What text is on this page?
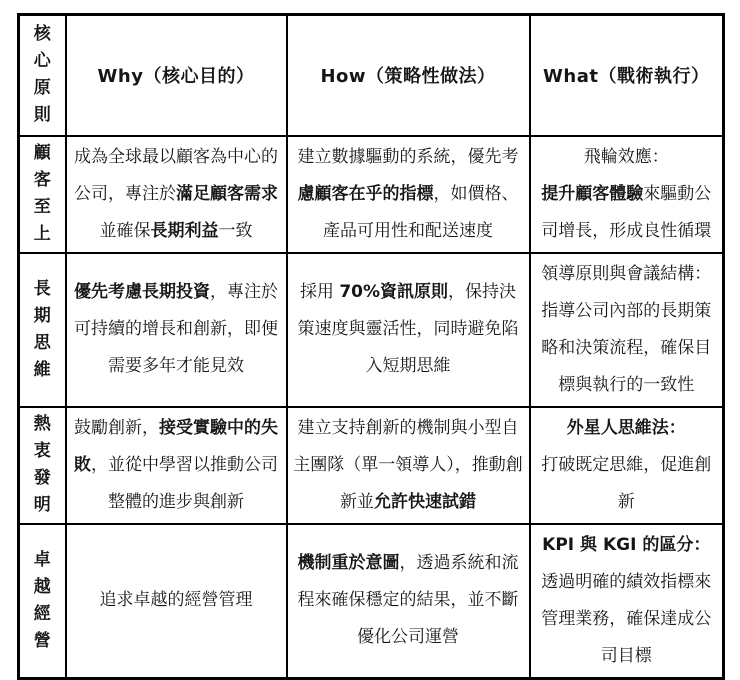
核心原則	Why（核心目的）	How（策略性做法）	What（戰術執行）

顧客至上	成為全球最以顧客為中心的公司，專注於滿足顧客需求並確保長期利益一致	建立數據驅動的系統，優先考慮顧客在乎的指標，如價格、產品可用性和配送速度	飛輪效應：
提升顧客體驗來驅動公司增長，形成良性循環

長期思維	優先考慮長期投資，專注於可持續的增長和創新，即便需要多年才能見效	採用 70%資訊原則，保持決策速度與靈活性，同時避免陷入短期思維	領導原則與會議結構：
指導公司內部的長期策略和決策流程，確保目標與執行的一致性

熱衷發明	鼓勵創新，接受實驗中的失敗，並從中學習以推動公司整體的進步與創新	建立支持創新的機制與小型自主團隊（單一領導人），推動創新並允許快速試錯	外星人思維法：
打破既定思維，促進創新

卓越經營	追求卓越的經營管理	機制重於意圖，透過系統和流程來確保穩定的結果，並不斷優化公司運營	KPI 與 KGI 的區分：
透過明確的績效指標來管理業務，確保達成公司目標
